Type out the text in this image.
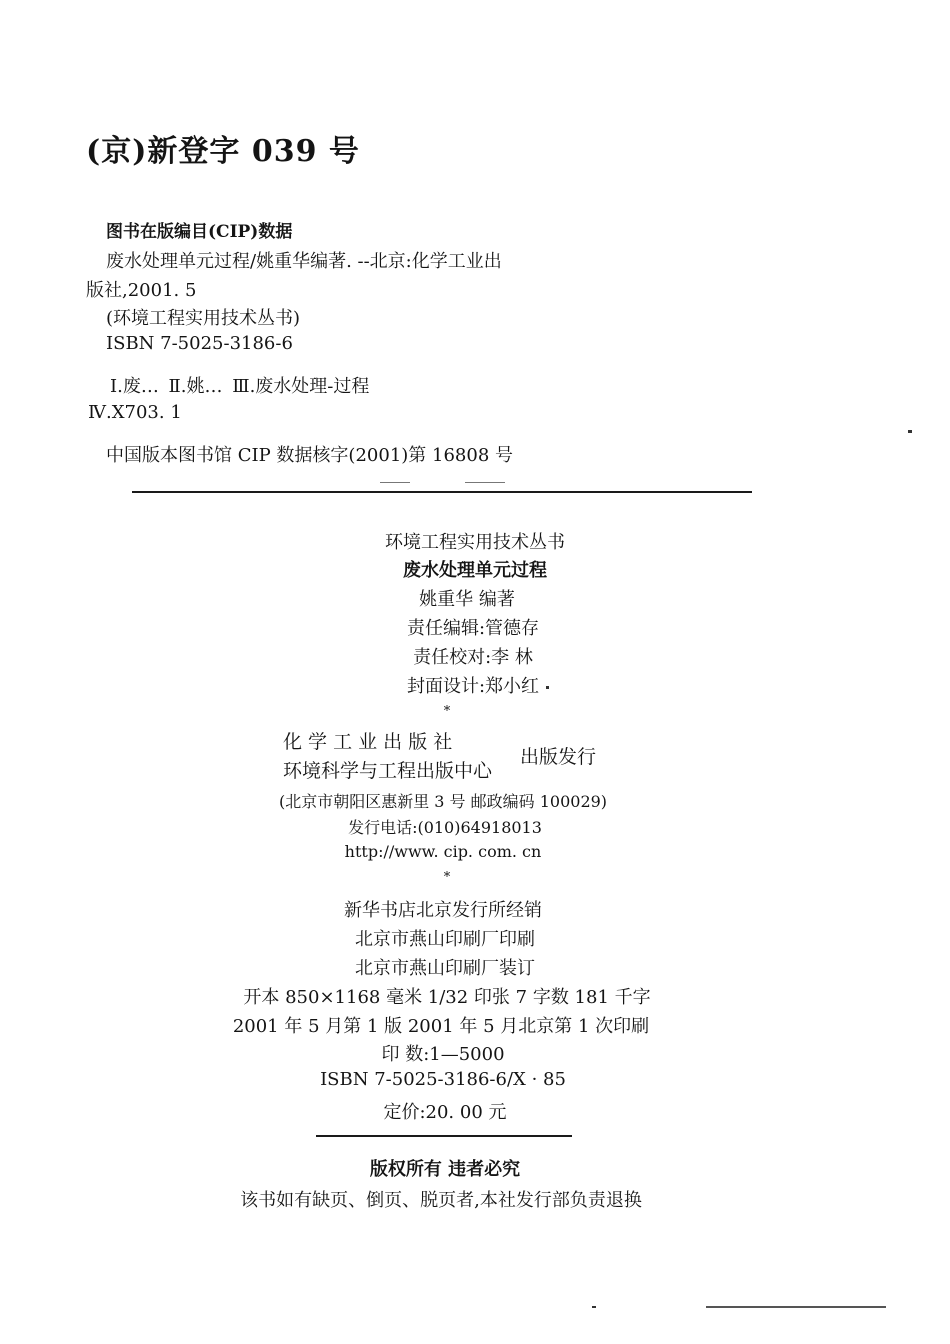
(京)新登字 039 号
图书在版编目(CIP)数据
废水处理单元过程/姚重华编著. --北京:化学工业出
版社,2001. 5
(环境工程实用技术丛书)
ISBN 7-5025-3186-6
Ⅰ.废… Ⅱ.姚… Ⅲ.废水处理-过程
Ⅳ.X703. 1
中国版本图书馆 CIP 数据核字(2001)第 16808 号
环境工程实用技术丛书
废水处理单元过程
姚重华 编著
责任编辑:管德存
责任校对:李 林
封面设计:郑小红
*
化 学 工 业 出 版 社
环境科学与工程出版中心
出版发行
(北京市朝阳区惠新里 3 号 邮政编码 100029)
发行电话:(010)64918013
http://www. cip. com. cn
*
新华书店北京发行所经销
北京市燕山印刷厂印刷
北京市燕山印刷厂装订
开本 850×1168 毫米 1/32 印张 7 字数 181 千字
2001 年 5 月第 1 版 2001 年 5 月北京第 1 次印刷
印 数:1—5000
ISBN 7-5025-3186-6/X · 85
定价:20. 00 元
版权所有 违者必究
该书如有缺页、倒页、脱页者,本社发行部负责退换
